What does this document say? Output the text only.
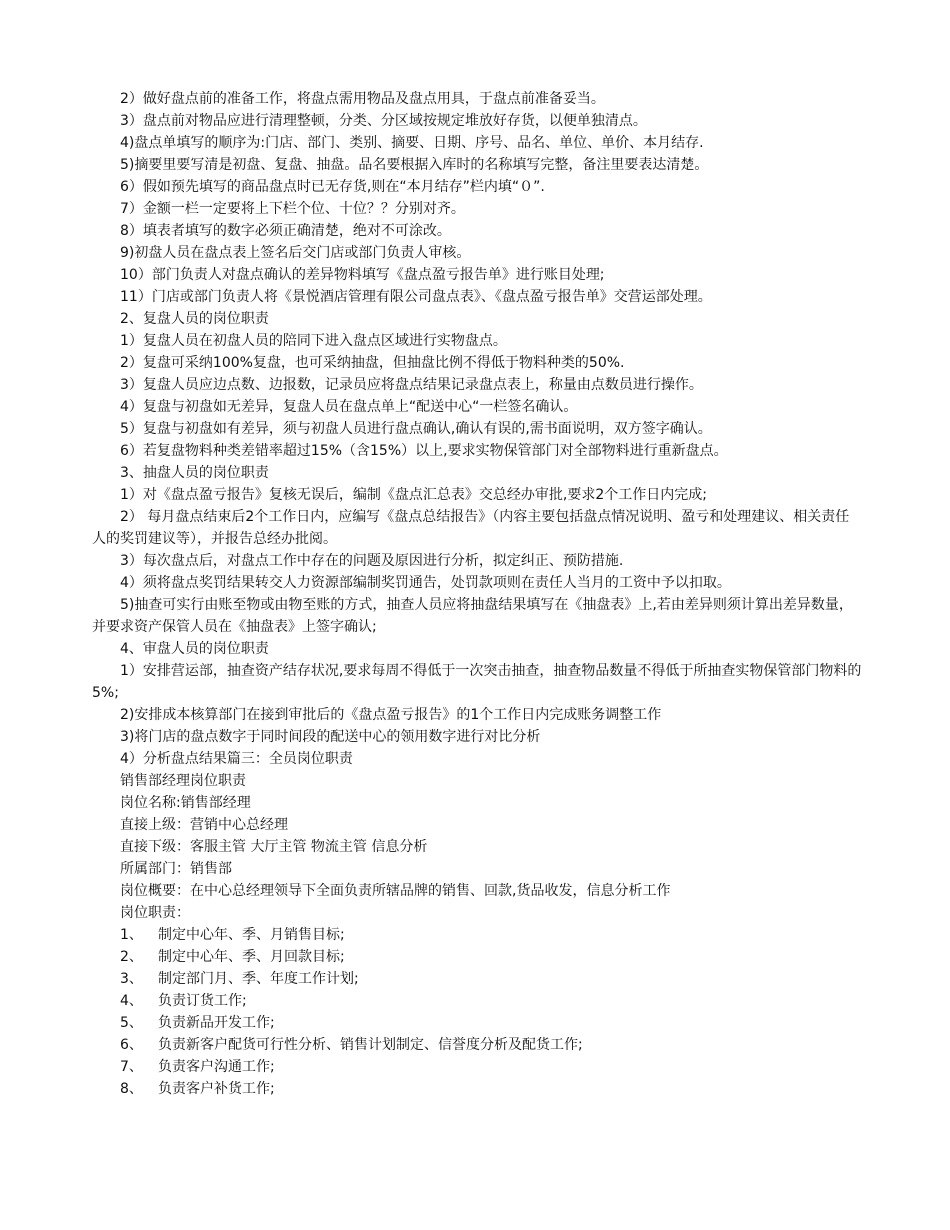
2）做好盘点前的准备工作，将盘点需用物品及盘点用具，于盘点前准备妥当。
3）盘点前对物品应进行清理整顿，分类、分区域按规定堆放好存货，以便单独清点。
4)盘点单填写的顺序为:门店、部门、类别、摘要、日期、序号、品名、单位、单价、本月结存.
5)摘要里要写清是初盘、复盘、抽盘。品名要根据入库时的名称填写完整，备注里要表达清楚。
6）假如预先填写的商品盘点时已无存货,则在“本月结存”栏内填“０”.
7）金额一栏一定要将上下栏个位、十位？？分别对齐。
8）填表者填写的数字必须正确清楚，绝对不可涂改。
9)初盘人员在盘点表上签名后交门店或部门负责人审核。
10）部门负责人对盘点确认的差异物料填写《盘点盈亏报告单》进行账目处理;
11）门店或部门负责人将《景悦酒店管理有限公司盘点表》、《盘点盈亏报告单》交营运部处理。
2、复盘人员的岗位职责
1）复盘人员在初盘人员的陪同下进入盘点区域进行实物盘点。
2）复盘可采纳100%复盘，也可采纳抽盘，但抽盘比例不得低于物料种类的50%.
3）复盘人员应边点数、边报数，记录员应将盘点结果记录盘点表上，称量由点数员进行操作。
4）复盘与初盘如无差异，复盘人员在盘点单上“配送中心“一栏签名确认。
5）复盘与初盘如有差异，须与初盘人员进行盘点确认,确认有误的,需书面说明，双方签字确认。
6）若复盘物料种类差错率超过15%（含15%）以上,要求实物保管部门对全部物料进行重新盘点。
3、抽盘人员的岗位职责
1）对《盘点盈亏报告》复核无误后，编制《盘点汇总表》交总经办审批,要求2个工作日内完成;

2） 每月盘点结束后2个工作日内，应编写《盘点总结报告》（内容主要包括盘点情况说明、盈亏和处理建议、相关责任人的奖罚建议等），并报告总经办批阅。

3）每次盘点后，对盘点工作中存在的问题及原因进行分析，拟定纠正、预防措施.
4）须将盘点奖罚结果转交人力资源部编制奖罚通告，处罚款项则在责任人当月的工资中予以扣取。

5)抽查可实行由账至物或由物至账的方式，抽查人员应将抽盘结果填写在《抽盘表》上,若由差异则须计算出差异数量，并要求资产保管人员在《抽盘表》上签字确认;

4、审盘人员的岗位职责

1）安排营运部，抽查资产结存状况,要求每周不得低于一次突击抽查，抽查物品数量不得低于所抽查实物保管部门物料的5%;

2)安排成本核算部门在接到审批后的《盘点盈亏报告》的1个工作日内完成账务调整工作
3)将门店的盘点数字于同时间段的配送中心的领用数字进行对比分析
4）分析盘点结果篇三：全员岗位职责
销售部经理岗位职责
岗位名称:销售部经理
直接上级：营销中心总经理
直接下级：客服主管 大厅主管 物流主管 信息分析
所属部门：销售部
岗位概要：在中心总经理领导下全面负责所辖品牌的销售、回款,货品收发，信息分析工作
岗位职责：
1、 制定中心年、季、月销售目标;
2、 制定中心年、季、月回款目标;
3、 制定部门月、季、年度工作计划;
4、 负责订货工作;
5、 负责新品开发工作;
6、 负责新客户配货可行性分析、销售计划制定、信誉度分析及配货工作;
7、 负责客户沟通工作;
8、 负责客户补货工作;
